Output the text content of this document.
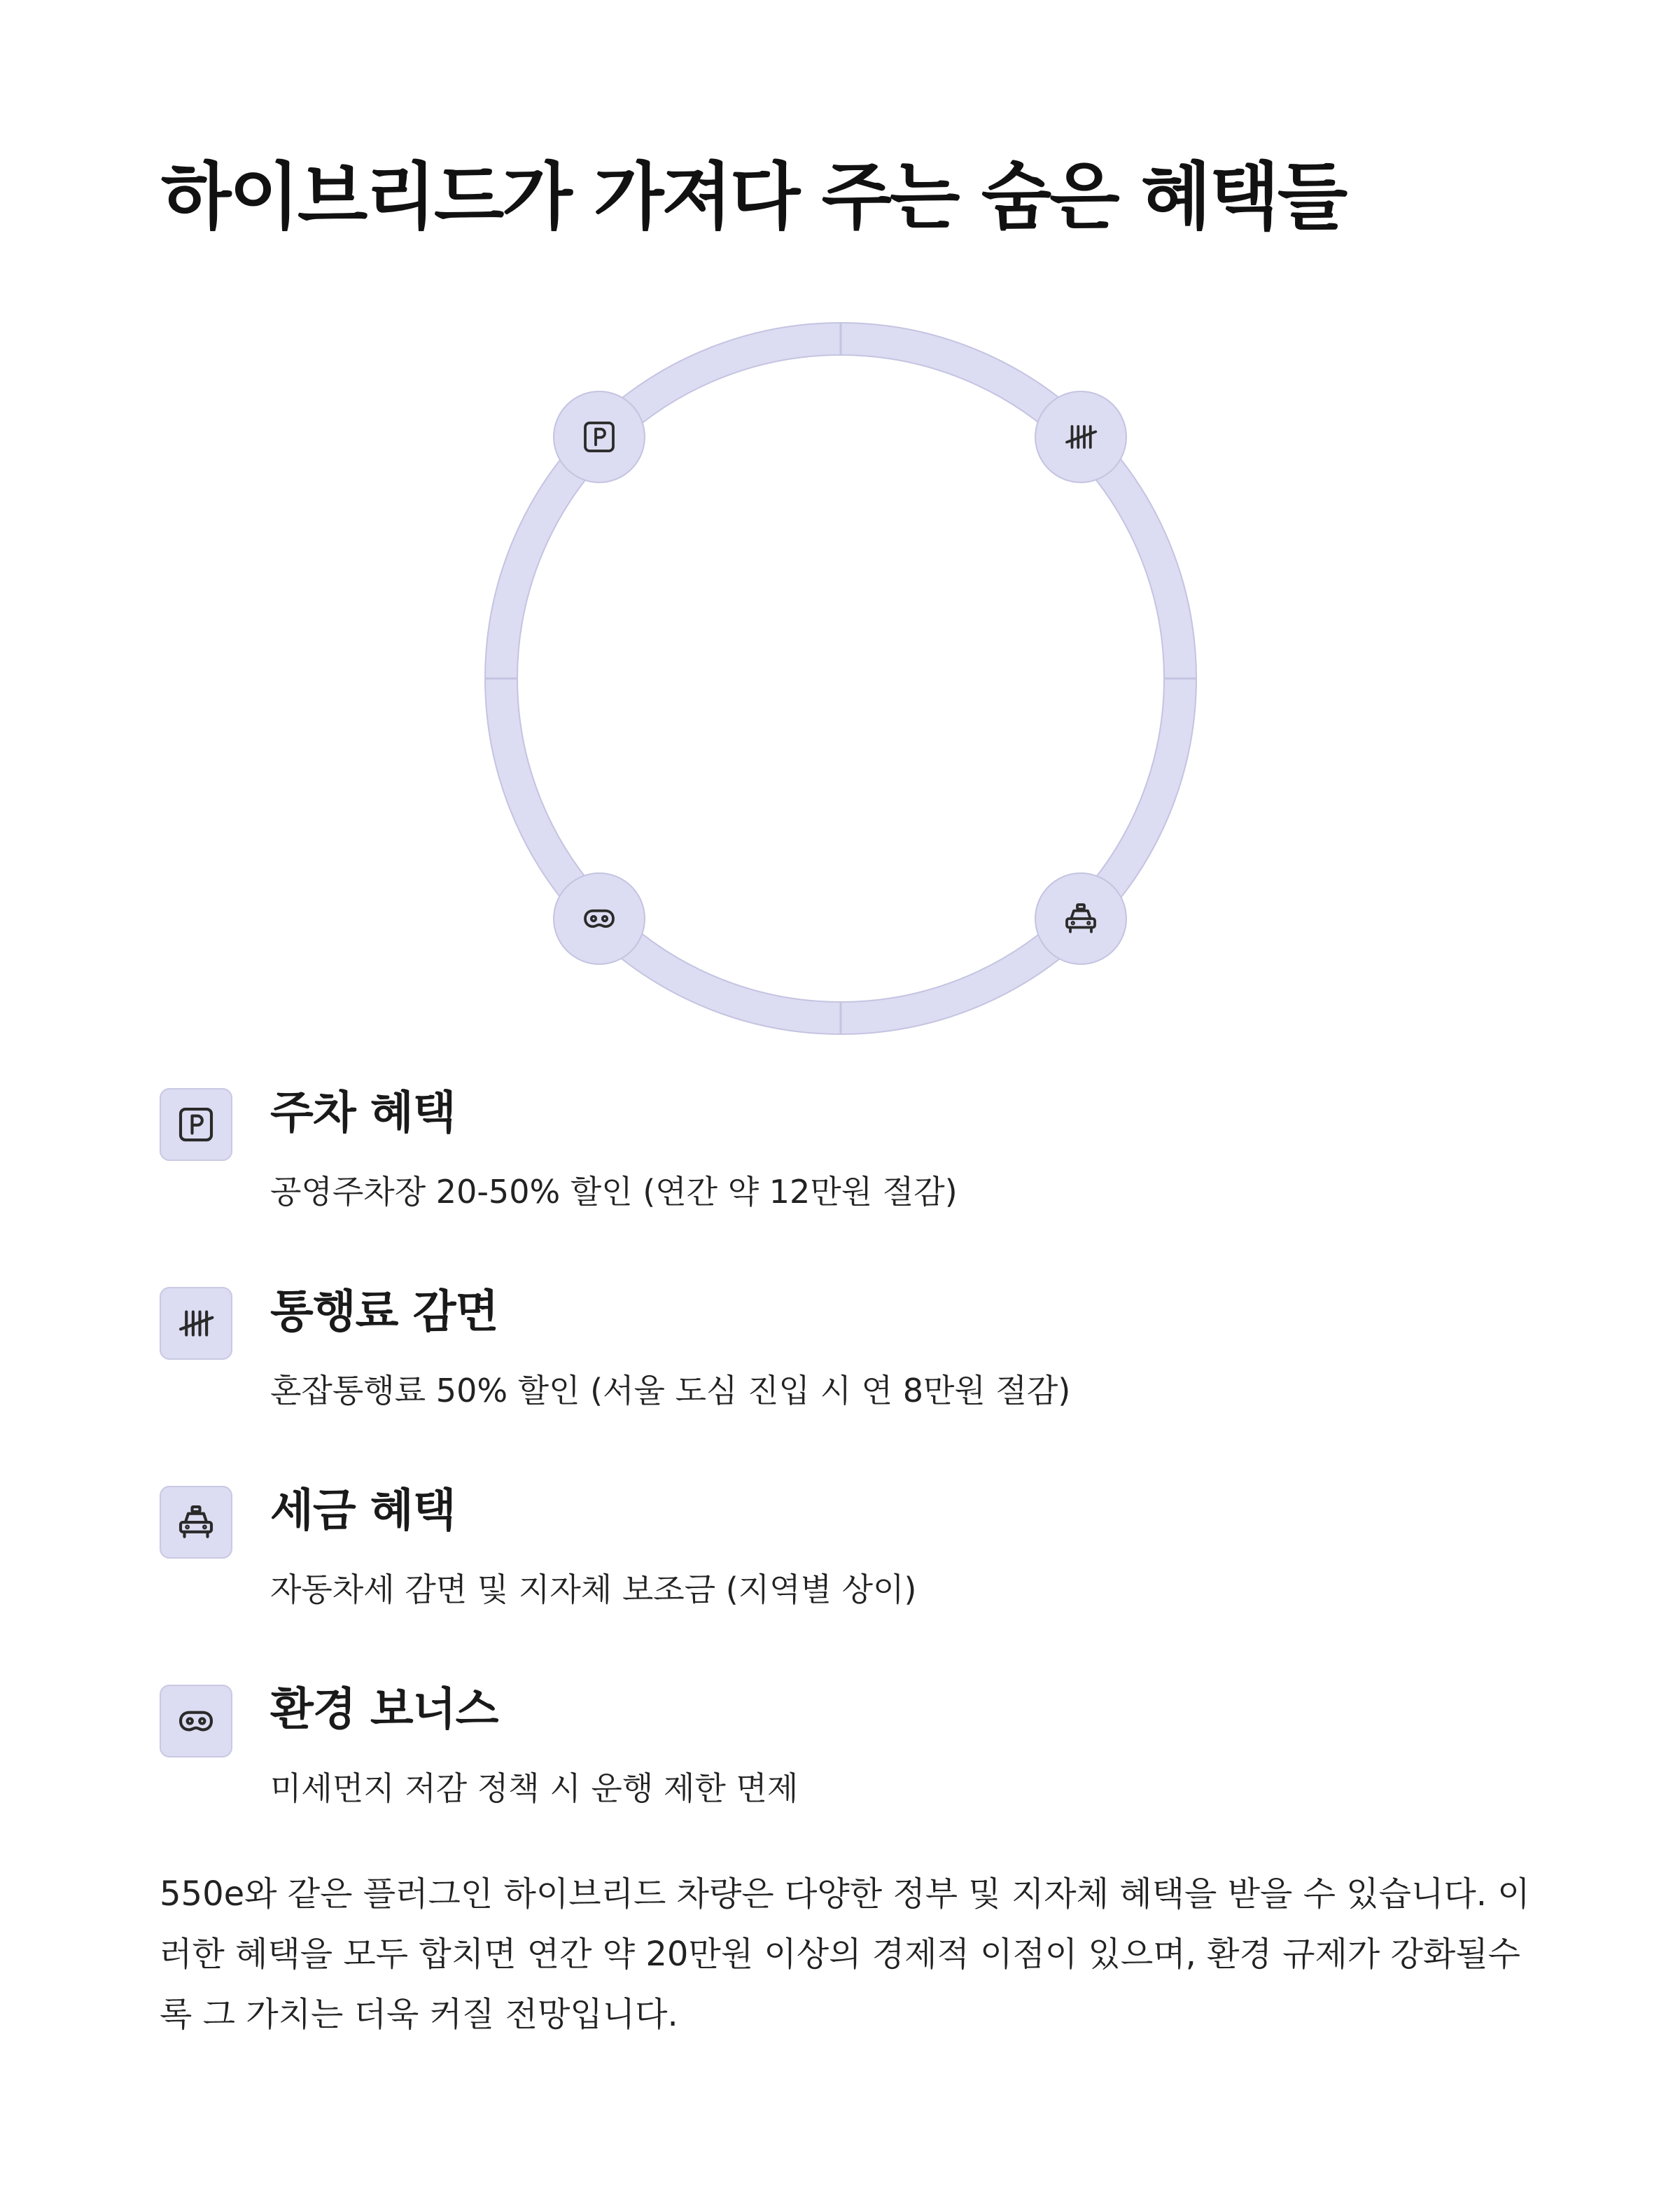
하이브리드가 가져다 주는 숨은 혜택들
주차 혜택

공영주차장 20-50% 할인 (연간 약 12만원 절감)

통행료 감면

혼잡통행료 50% 할인 (서울 도심 진입 시 연 8만원 절감)

세금 혜택

자동차세 감면 및 지자체 보조금 (지역별 상이)

환경 보너스

미세먼지 저감 정책 시 운행 제한 면제

550e와 같은 플러그인 하이브리드 차량은 다양한 정부 및 지자체 혜택을 받을 수 있습니다. 이러한 혜택을 모두 합치면 연간 약 20만원 이상의 경제적 이점이 있으며, 환경 규제가 강화될수록 그 가치는 더욱 커질 전망입니다.
